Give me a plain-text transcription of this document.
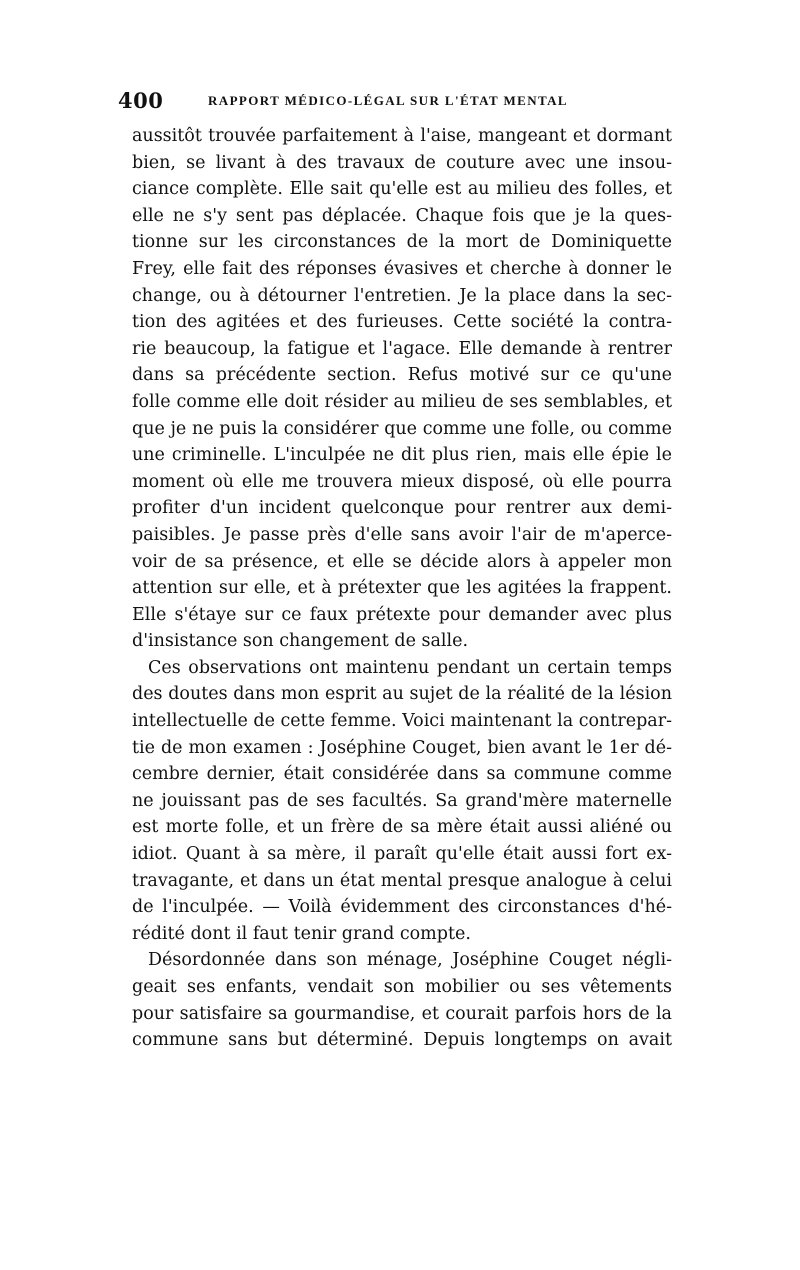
400	RAPPORT MÉDICO-LÉGAL SUR L'ÉTAT MENTAL
aussitôt trouvée parfaitement à l'aise, mangeant et dormant
bien, se livant à des travaux de couture avec une insou-
ciance complète. Elle sait qu'elle est au milieu des folles, et
elle ne s'y sent pas déplacée. Chaque fois que je la ques-
tionne sur les circonstances de la mort de Dominiquette
Frey, elle fait des réponses évasives et cherche à donner le
change, ou à détourner l'entretien. Je la place dans la sec-
tion des agitées et des furieuses. Cette société la contra-
rie beaucoup, la fatigue et l'agace. Elle demande à rentrer
dans sa précédente section. Refus motivé sur ce qu'une
folle comme elle doit résider au milieu de ses semblables, et
que je ne puis la considérer que comme une folle, ou comme
une criminelle. L'inculpée ne dit plus rien, mais elle épie le
moment où elle me trouvera mieux disposé, où elle pourra
profiter d'un incident quelconque pour rentrer aux demi-
paisibles. Je passe près d'elle sans avoir l'air de m'aperce-
voir de sa présence, et elle se décide alors à appeler mon
attention sur elle, et à prétexter que les agitées la frappent.
Elle s'étaye sur ce faux prétexte pour demander avec plus
d'insistance son changement de salle.
Ces observations ont maintenu pendant un certain temps
des doutes dans mon esprit au sujet de la réalité de la lésion
intellectuelle de cette femme. Voici maintenant la contrepar-
tie de mon examen : Joséphine Couget, bien avant le 1er dé-
cembre dernier, était considérée dans sa commune comme
ne jouissant pas de ses facultés. Sa grand'mère maternelle
est morte folle, et un frère de sa mère était aussi aliéné ou
idiot. Quant à sa mère, il paraît qu'elle était aussi fort ex-
travagante, et dans un état mental presque analogue à celui
de l'inculpée. — Voilà évidemment des circonstances d'hé-
rédité dont il faut tenir grand compte.
Désordonnée dans son ménage, Joséphine Couget négli-
geait ses enfants, vendait son mobilier ou ses vêtements
pour satisfaire sa gourmandise, et courait parfois hors de la
commune sans but déterminé. Depuis longtemps on avait
